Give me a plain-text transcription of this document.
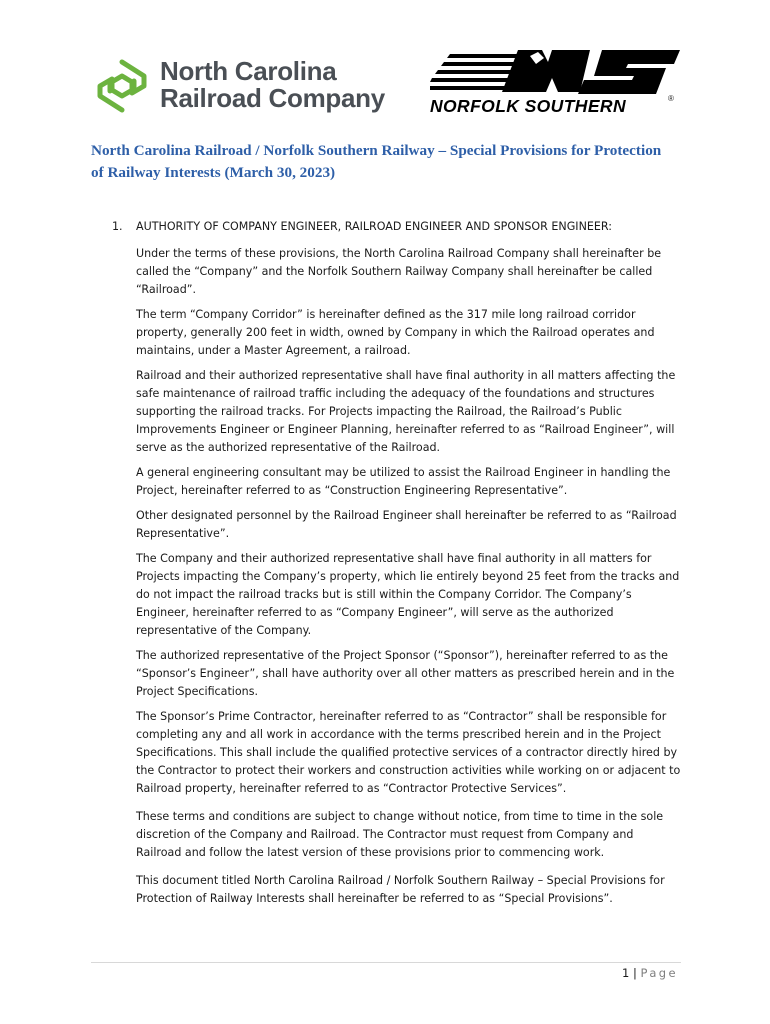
North Carolina
Railroad Company	NORFOLK SOUTHERN	®
North Carolina Railroad / Norfolk Southern Railway – Special Provisions for Protection of Railway Interests (March 30, 2023)
1. AUTHORITY OF COMPANY ENGINEER, RAILROAD ENGINEER AND SPONSOR ENGINEER:

Under the terms of these provisions, the North Carolina Railroad Company shall hereinafter be called the “Company” and the Norfolk Southern Railway Company shall hereinafter be called “Railroad”.

The term “Company Corridor” is hereinafter defined as the 317 mile long railroad corridor property, generally 200 feet in width, owned by Company in which the Railroad operates and maintains, under a Master Agreement, a railroad.

Railroad and their authorized representative shall have final authority in all matters affecting the safe maintenance of railroad traffic including the adequacy of the foundations and structures supporting the railroad tracks. For Projects impacting the Railroad, the Railroad’s Public Improvements Engineer or Engineer Planning, hereinafter referred to as “Railroad Engineer”, will serve as the authorized representative of the Railroad.

A general engineering consultant may be utilized to assist the Railroad Engineer in handling the Project, hereinafter referred to as “Construction Engineering Representative”.

Other designated personnel by the Railroad Engineer shall hereinafter be referred to as “Railroad Representative”.

The Company and their authorized representative shall have final authority in all matters for Projects impacting the Company’s property, which lie entirely beyond 25 feet from the tracks and do not impact the railroad tracks but is still within the Company Corridor. The Company’s Engineer, hereinafter referred to as “Company Engineer”, will serve as the authorized representative of the Company.

The authorized representative of the Project Sponsor (“Sponsor”), hereinafter referred to as the “Sponsor’s Engineer”, shall have authority over all other matters as prescribed herein and in the Project Specifications.

The Sponsor’s Prime Contractor, hereinafter referred to as “Contractor” shall be responsible for completing any and all work in accordance with the terms prescribed herein and in the Project Specifications. This shall include the qualified protective services of a contractor directly hired by the Contractor to protect their workers and construction activities while working on or adjacent to Railroad property, hereinafter referred to as “Contractor Protective Services”.

These terms and conditions are subject to change without notice, from time to time in the sole discretion of the Company and Railroad. The Contractor must request from Company and Railroad and follow the latest version of these provisions prior to commencing work.

This document titled North Carolina Railroad / Norfolk Southern Railway – Special Provisions for Protection of Railway Interests shall hereinafter be referred to as “Special Provisions”.

1 | Page
